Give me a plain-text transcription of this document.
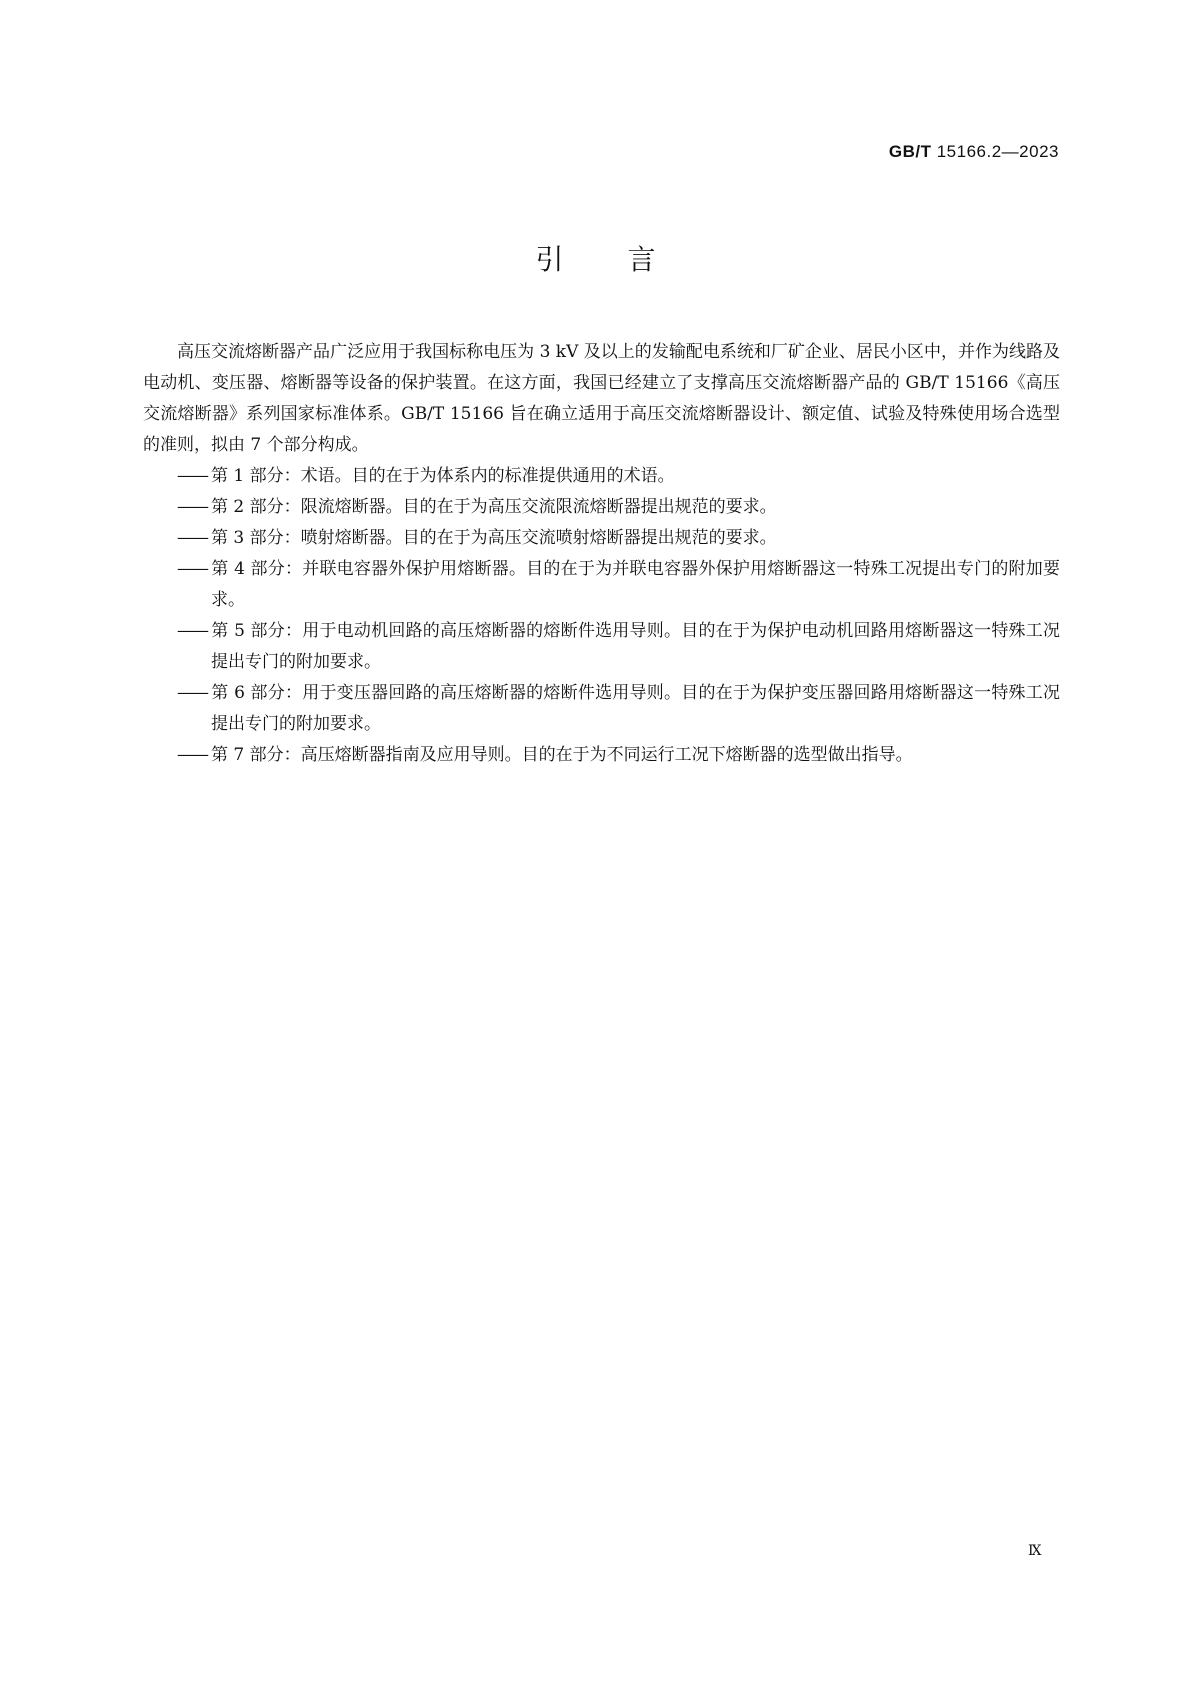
GB/T 15166.2—2023
引 言

高压交流熔断器产品广泛应用于我国标称电压为 3 kV 及以上的发输配电系统和厂矿企业、居民小区中，并作为线路及电动机、变压器、熔断器等设备的保护装置。在这方面，我国已经建立了支撑高压交流熔断器产品的 GB/T 15166《高压交流熔断器》系列国家标准体系。GB/T 15166 旨在确立适用于高压交流熔断器设计、额定值、试验及特殊使用场合选型的准则，拟由 7 个部分构成。

—— 第 1 部分：术语。目的在于为体系内的标准提供通用的术语。

—— 第 2 部分：限流熔断器。目的在于为高压交流限流熔断器提出规范的要求。

—— 第 3 部分：喷射熔断器。目的在于为高压交流喷射熔断器提出规范的要求。

—— 第 4 部分：并联电容器外保护用熔断器。目的在于为并联电容器外保护用熔断器这一特殊工况提出专门的附加要求。

—— 第 5 部分：用于电动机回路的高压熔断器的熔断件选用导则。目的在于为保护电动机回路用熔断器这一特殊工况提出专门的附加要求。

—— 第 6 部分：用于变压器回路的高压熔断器的熔断件选用导则。目的在于为保护变压器回路用熔断器这一特殊工况提出专门的附加要求。

—— 第 7 部分：高压熔断器指南及应用导则。目的在于为不同运行工况下熔断器的选型做出指导。

Ⅸ
